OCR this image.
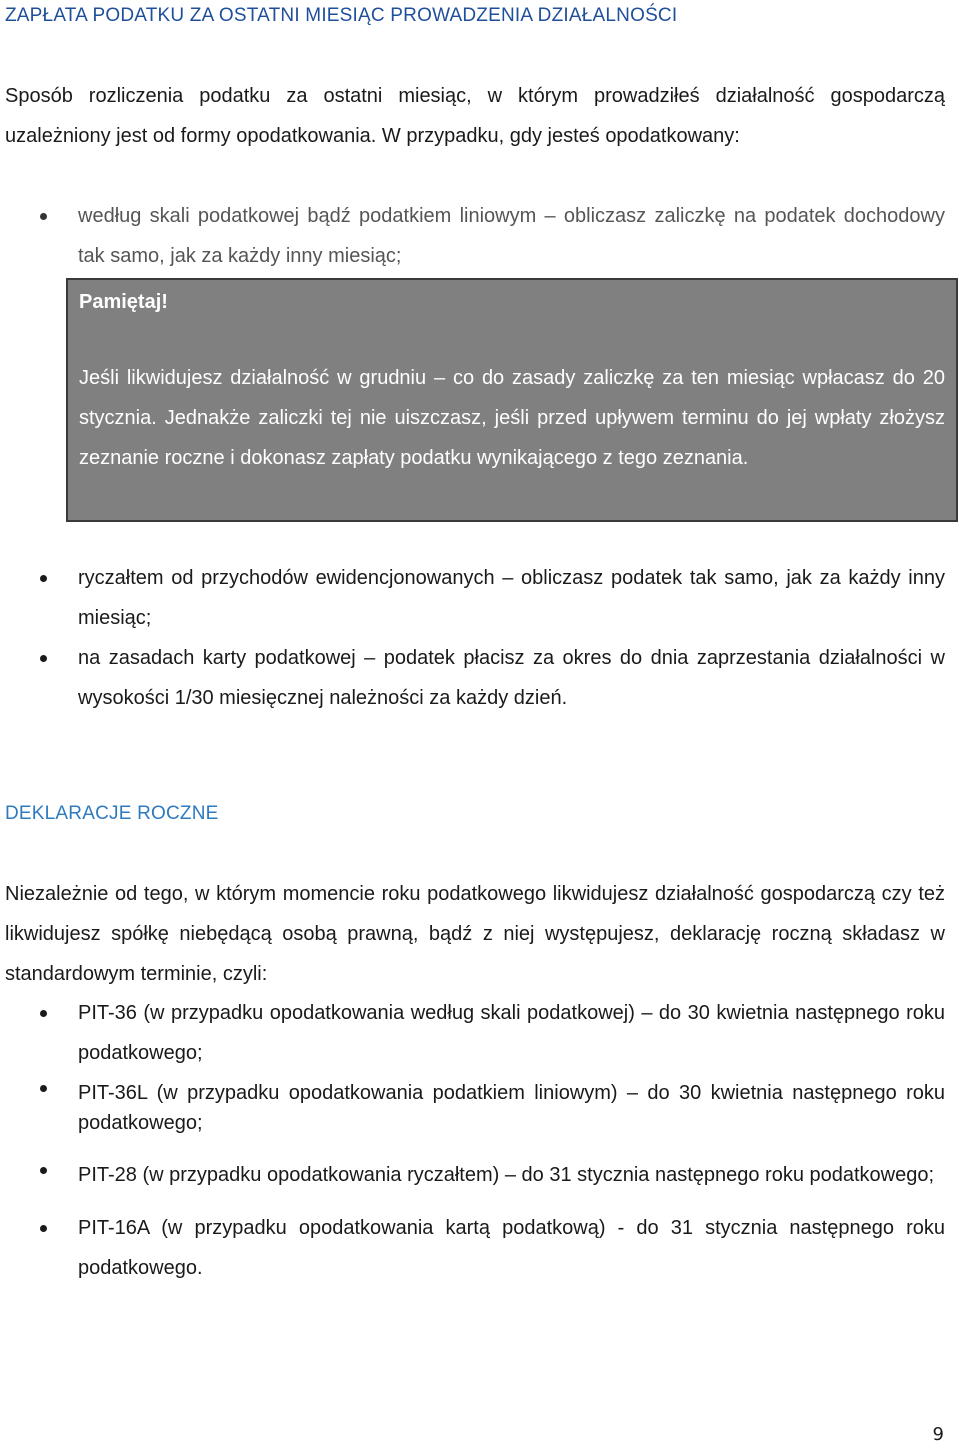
ZAPŁATA PODATKU ZA OSTATNI MIESIĄC PROWADZENIA DZIAŁALNOŚCI

Sposób rozliczenia podatku za ostatni miesiąc, w którym prowadziłeś działalność gospodarczą uzależniony jest od formy opodatkowania. W przypadku, gdy jesteś opodatkowany:

według skali podatkowej bądź podatkiem liniowym – obliczasz zaliczkę na podatek dochodowy tak samo, jak za każdy inny miesiąc;

Pamiętaj!

Jeśli likwidujesz działalność w grudniu – co do zasady zaliczkę za ten miesiąc wpłacasz do 20 stycznia. Jednakże zaliczki tej nie uiszczasz, jeśli przed upływem terminu do jej wpłaty złożysz zeznanie roczne i dokonasz zapłaty podatku wynikającego z tego zeznania.

ryczałtem od przychodów ewidencjonowanych – obliczasz podatek tak samo, jak za każdy inny miesiąc;
na zasadach karty podatkowej – podatek płacisz za okres do dnia zaprzestania działalności w wysokości 1/30 miesięcznej należności za każdy dzień.
DEKLARACJE ROCZNE

Niezależnie od tego, w którym momencie roku podatkowego likwidujesz działalność gospodarczą czy też likwidujesz spółkę niebędącą osobą prawną, bądź z niej występujesz, deklarację roczną składasz w standardowym terminie, czyli:

PIT-36 (w przypadku opodatkowania według skali podatkowej) – do 30 kwietnia następnego roku podatkowego;
PIT-36L (w przypadku opodatkowania podatkiem liniowym) – do 30 kwietnia następnego roku podatkowego;
PIT-28 (w przypadku opodatkowania ryczałtem) – do 31 stycznia następnego roku podatkowego;
PIT-16A (w przypadku opodatkowania kartą podatkową) - do 31 stycznia następnego roku podatkowego.
9
